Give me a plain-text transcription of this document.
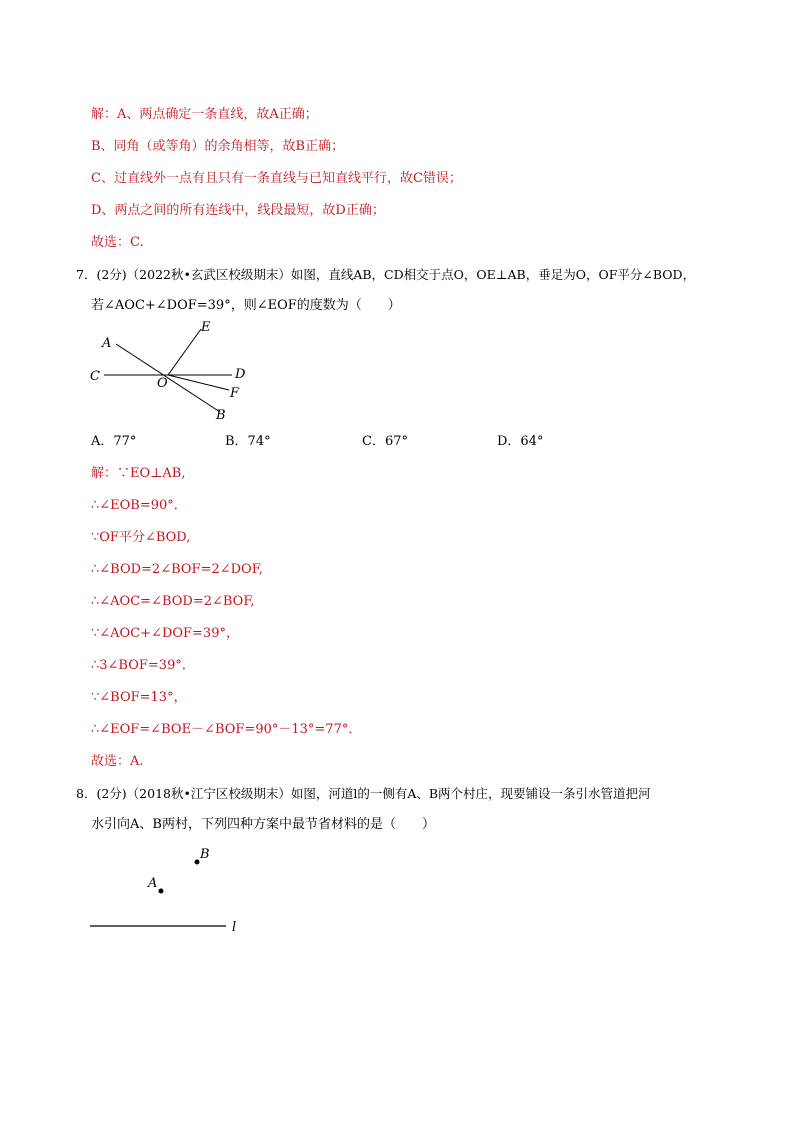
解：A、两点确定一条直线，故A正确；
B、同角（或等角）的余角相等，故B正确；
C、过直线外一点有且只有一条直线与已知直线平行，故C错误；
D、两点之间的所有连线中，线段最短，故D正确；
故选：C.
7．(2分)（2022秋•玄武区校级期末）如图，直线AB，CD相交于点O，OE⊥AB，垂足为O，OF平分∠BOD，
若∠AOC+∠DOF=39°，则∠EOF的度数为（　　）
A
C	O
E
D
F
B
A．77°	B．74°	C．67°	D．64°
解：∵EO⊥AB,
∴∠EOB=90°．
∵OF平分∠BOD,
∴∠BOD=2∠BOF=2∠DOF,
∴∠AOC=∠BOD=2∠BOF,
∵∠AOC+∠DOF=39°，
∴3∠BOF=39°．
∵∠BOF=13°，
∴∠EOF=∠BOE－∠BOF=90°－13°=77°．
故选：A.
8．(2分)（2018秋•江宁区校级期末）如图，河道l的一侧有A、B两个村庄，现要铺设一条引水管道把河
水引向A、B两村，下列四种方案中最节省材料的是（　　）
B
A
l
